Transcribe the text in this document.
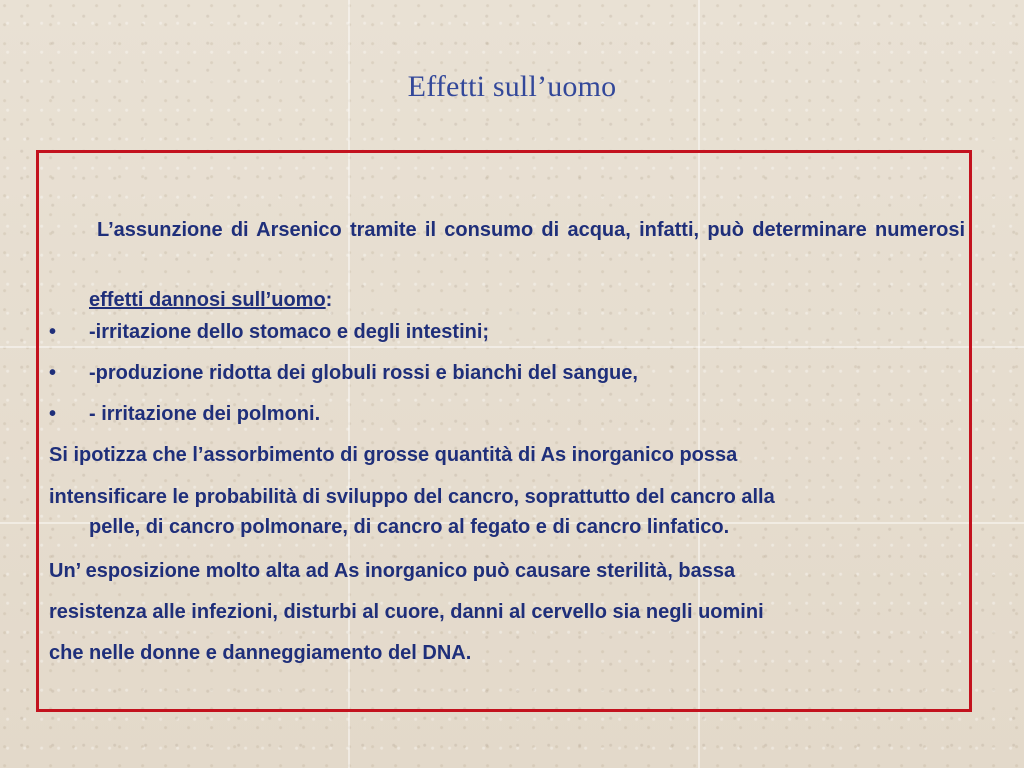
Effetti sull’uomo
L’assunzione di Arsenico tramite il consumo di acqua, infatti, può determinare numerosi effetti dannosi sull’uomo:
• -irritazione dello stomaco e degli intestini;
• -produzione ridotta dei globuli rossi e bianchi del sangue,
• - irritazione dei polmoni.
Si ipotizza che l’assorbimento di grosse quantità di As inorganico possa
intensificare le probabilità di sviluppo del cancro, soprattutto del cancro alla
pelle, di cancro polmonare, di cancro al fegato e di cancro linfatico.
Un’ esposizione molto alta ad As inorganico può causare sterilità, bassa
resistenza alle infezioni, disturbi al cuore, danni al cervello sia negli uomini
che nelle donne e danneggiamento del DNA.
